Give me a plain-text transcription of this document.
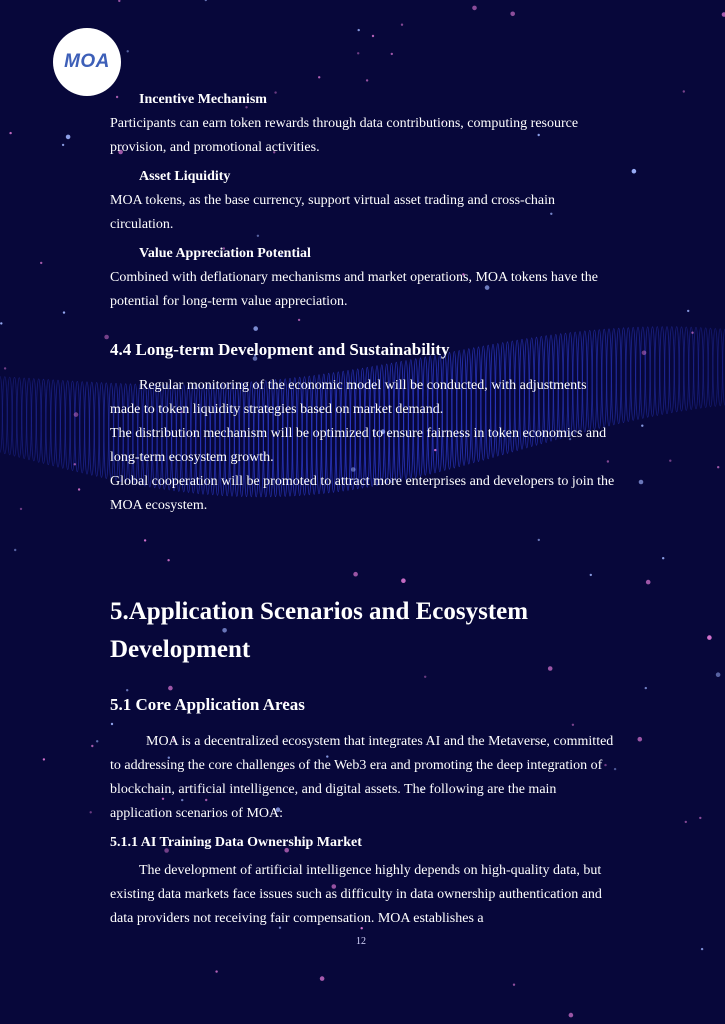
MOA
Incentive Mechanism
Participants can earn token rewards through data contributions, computing resource provision, and promotional activities.
Asset Liquidity
MOA tokens, as the base currency, support virtual asset trading and cross-chain circulation.
Value Appreciation Potential
Combined with deflationary mechanisms and market operations, MOA tokens have the potential for long-term value appreciation.
4.4 Long-term Development and Sustainability
Regular monitoring of the economic model will be conducted, with adjustments made to token liquidity strategies based on market demand.
The distribution mechanism will be optimized to ensure fairness in token economics and long-term ecosystem growth.
Global cooperation will be promoted to attract more enterprises and developers to join the MOA ecosystem.
5.Application Scenarios and Ecosystem
Development
5.1 Core Application Areas
MOA is a decentralized ecosystem that integrates AI and the Metaverse, committed to addressing the core challenges of the Web3 era and promoting the deep integration of blockchain, artificial intelligence, and digital assets. The following are the main application scenarios of MOA:
5.1.1 AI Training Data Ownership Market
The development of artificial intelligence highly depends on high-quality data, but existing data markets face issues such as difficulty in data ownership authentication and data providers not receiving fair compensation. MOA establishes a
12
